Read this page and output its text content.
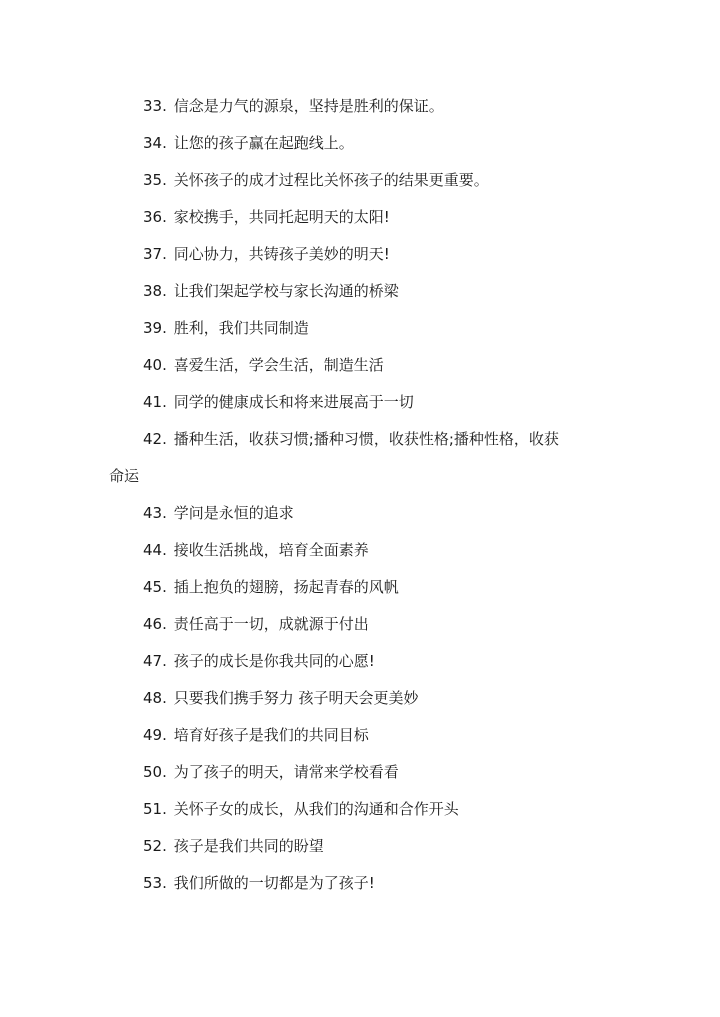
33. 信念是力气的源泉，坚持是胜利的保证。
34. 让您的孩子赢在起跑线上。
35. 关怀孩子的成才过程比关怀孩子的结果更重要。
36. 家校携手，共同托起明天的太阳!
37. 同心协力，共铸孩子美妙的明天!
38. 让我们架起学校与家长沟通的桥梁
39. 胜利，我们共同制造
40. 喜爱生活，学会生活，制造生活
41. 同学的健康成长和将来进展高于一切
42. 播种生活，收获习惯;播种习惯，收获性格;播种性格，收获
命运
43. 学问是永恒的追求
44. 接收生活挑战，培育全面素养
45. 插上抱负的翅膀，扬起青春的风帆
46. 责任高于一切，成就源于付出
47. 孩子的成长是你我共同的心愿!
48. 只要我们携手努力 孩子明天会更美妙
49. 培育好孩子是我们的共同目标
50. 为了孩子的明天，请常来学校看看
51. 关怀子女的成长，从我们的沟通和合作开头
52. 孩子是我们共同的盼望
53. 我们所做的一切都是为了孩子!
